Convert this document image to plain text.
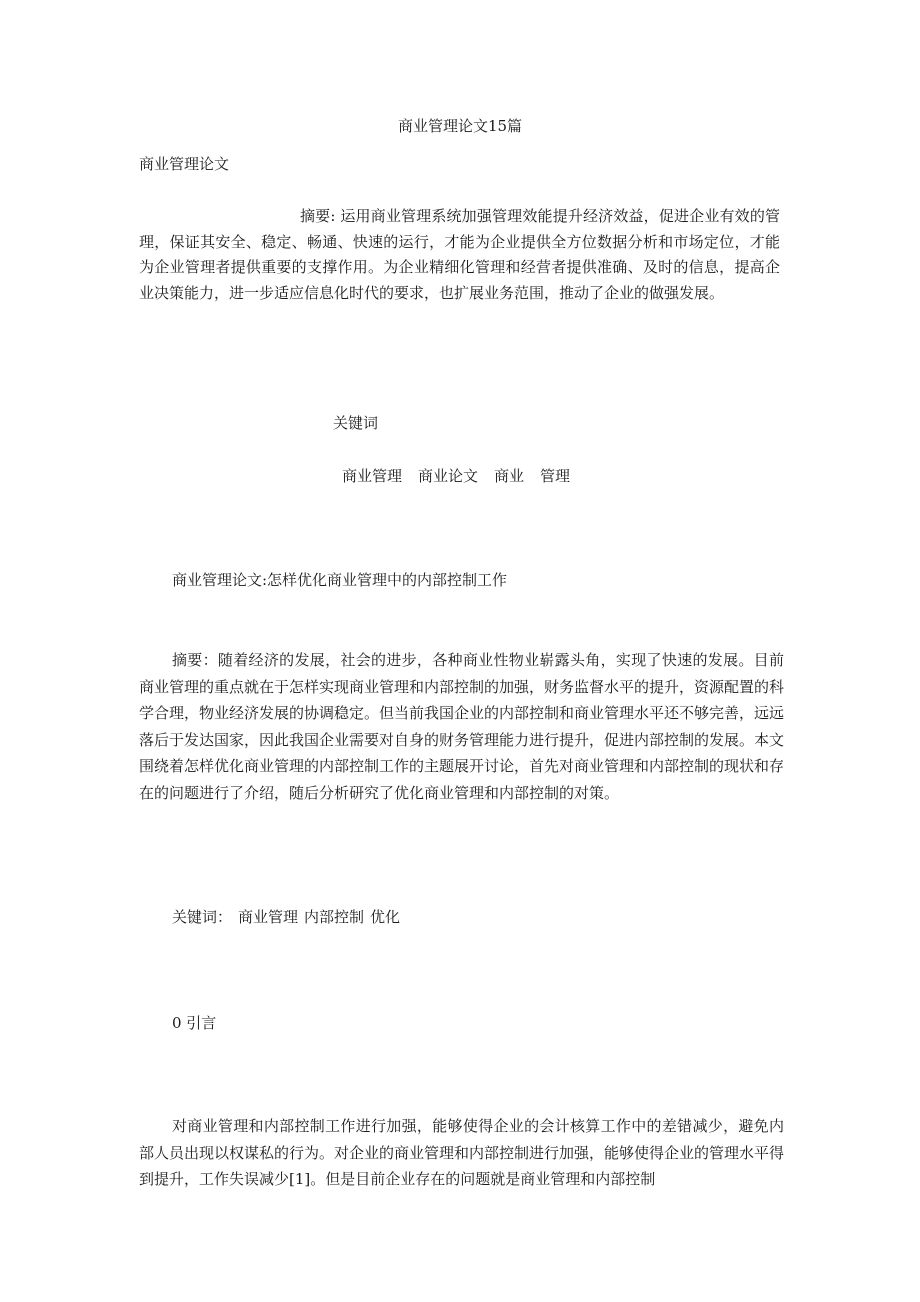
商业管理论文15篇

商业管理论文

摘要: 运用商业管理系统加强管理效能提升经济效益，促进企业有效的管理，保证其安全、稳定、畅通、快速的运行，才能为企业提供全方位数据分析和市场定位，才能为企业管理者提供重要的支撑作用。为企业精细化管理和经营者提供准确、及时的信息，提高企业决策能力，进一步适应信息化时代的要求，也扩展业务范围，推动了企业的做强发展。

关键词

商业管理 商业论文 商业 管理

商业管理论文:怎样优化商业管理中的内部控制工作

摘要：随着经济的发展，社会的进步，各种商业性物业崭露头角，实现了快速的发展。目前商业管理的重点就在于怎样实现商业管理和内部控制的加强，财务监督水平的提升，资源配置的科学合理，物业经济发展的协调稳定。但当前我国企业的内部控制和商业管理水平还不够完善，远远落后于发达国家，因此我国企业需要对自身的财务管理能力进行提升，促进内部控制的发展。本文围绕着怎样优化商业管理的内部控制工作的主题展开讨论，首先对商业管理和内部控制的现状和存在的问题进行了介绍，随后分析研究了优化商业管理和内部控制的对策。

关键词： 商业管理 内部控制 优化

0 引言

对商业管理和内部控制工作进行加强，能够使得企业的会计核算工作中的差错减少，避免内部人员出现以权谋私的行为。对企业的商业管理和内部控制进行加强，能够使得企业的管理水平得到提升，工作失误减少[1]。但是目前企业存在的问题就是商业管理和内部控制
